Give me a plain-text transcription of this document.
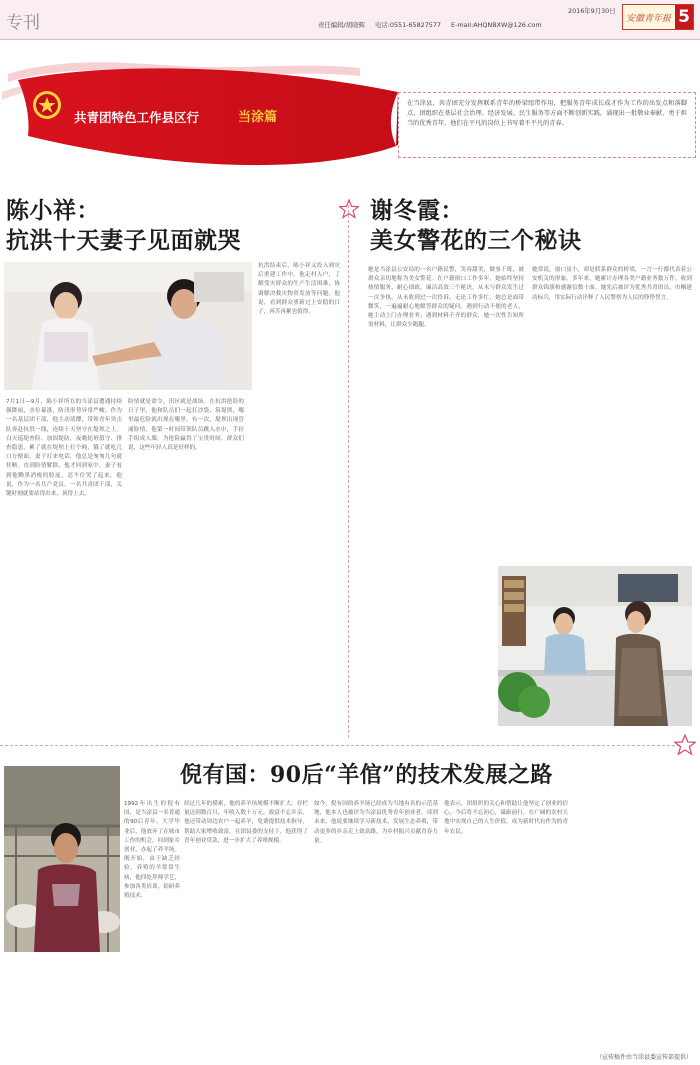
专刊	责任编辑/胡晓辉 电话:0551-65827577 E-mail:AHQNBXW@126.com
2016年9月30日
安徽青年报 5
共青团特色工作县区行	当涂篇
在当涂县，共青团充分发挥联系青年的桥梁纽带作用，把服务青年成长成才作为工作的出发点和落脚点，团组织在基层社会治理、经济发展、民生服务等方面不断创新实践，涌现出一批敬业奉献、勇于担当的优秀青年，他们在平凡的岗位上书写着不平凡的青春。
陈小祥：
抗洪十天妻子见面就哭
7月1日—9月，陈小祥所在的当涂县遭遇持续强降雨，水位暴涨，防汛形势异常严峻。作为一名基层团干部，他主动请缨，带领青年突击队奔赴抗洪一线，连续十天坚守在堤坝之上。白天巡堤查险、加固堤防，夜晚轮班值守、排查隐患，累了就在堤坝上打个盹，饿了就吃几口方便面。妻子打来电话，他总是匆匆几句就挂断。直到险情解除，他才回到家中，妻子看到他黝黑消瘦的脸庞，忍不住哭了起来。他说，作为一名共产党员，一名共青团干部，关键时刻就要站得出来、顶得上去。
险情就是命令，汛区就是战场。在抗洪抢险的日子里，他和队员们一起扛沙袋、筑堤坝，哪里最危险就出现在哪里。有一次，堤坝出现管涌险情，他第一时间带领队员跳入水中，手拉手组成人墙，为抢险赢得了宝贵时间。群众们说，这些年轻人真是好样的。
抗洪结束后，陈小祥又投入到灾后重建工作中。他走村入户，了解受灾群众的生产生活困难，协调解决救灾物资发放等问题。他说，看到群众重新过上安稳的日子，再苦再累也值得。
谢冬霞：
美女警花的三个秘诀
她是当涂县公安局的一名户籍民警，笑容甜美，做事干练，被群众亲切地称为美女警花。在户籍窗口工作多年，她始终坚持热情服务、耐心细致、廉洁高效三个秘诀，从未与群众发生过一次争执，从未收到过一次投诉。无论工作多忙，她总是面带微笑，一遍遍耐心地解答群众的疑问。遇到行动不便的老人，她主动上门办理业务；遇到材料不齐的群众，她一次性告知所需材料，让群众少跑腿。
她常说，窗口虽小，却是联系群众的桥梁，一言一行都代表着公安机关的形象。多年来，她累计办理各类户籍业务数万件，收到群众锦旗和感谢信数十面。她先后被评为优秀共青团员、巾帼建功标兵，用实际行动诠释了人民警察为人民的铮铮誓言。
倪有国：90后“羊倌”的技术发展之路
1992年出生的倪有国，是当涂县一名普通的90后青年。大学毕业后，他放弃了在城市工作的机会，回到家乡创业，办起了养羊场。刚开始，由于缺乏经验，养殖的羊常常生病，他四处拜师学艺，参加各类培训，钻研养殖技术。
经过几年的摸索，他的养羊场规模不断扩大，存栏量达到数百只，年收入数十万元。致富不忘乡亲，他还带动周边农户一起养羊，免费提供技术指导，帮助大家增收致富。在团县委的支持下，他获得了青年创业贷款，进一步扩大了养殖规模。
如今，倪有国的养羊场已经成为当地有名的示范基地，他本人也被评为当涂县优秀青年创业者。谈到未来，他说要继续学习新技术，发展生态养殖，带动更多的乡亲走上致富路，为乡村振兴贡献青春力量。
他表示，团组织的关心和帮助让他坚定了创业的信心，今后将不忘初心，砥砺前行，在广阔的农村天地中实现自己的人生价值，成为新时代有作为的青年农民。
（宣传稿件由当涂县委宣传部提供）
